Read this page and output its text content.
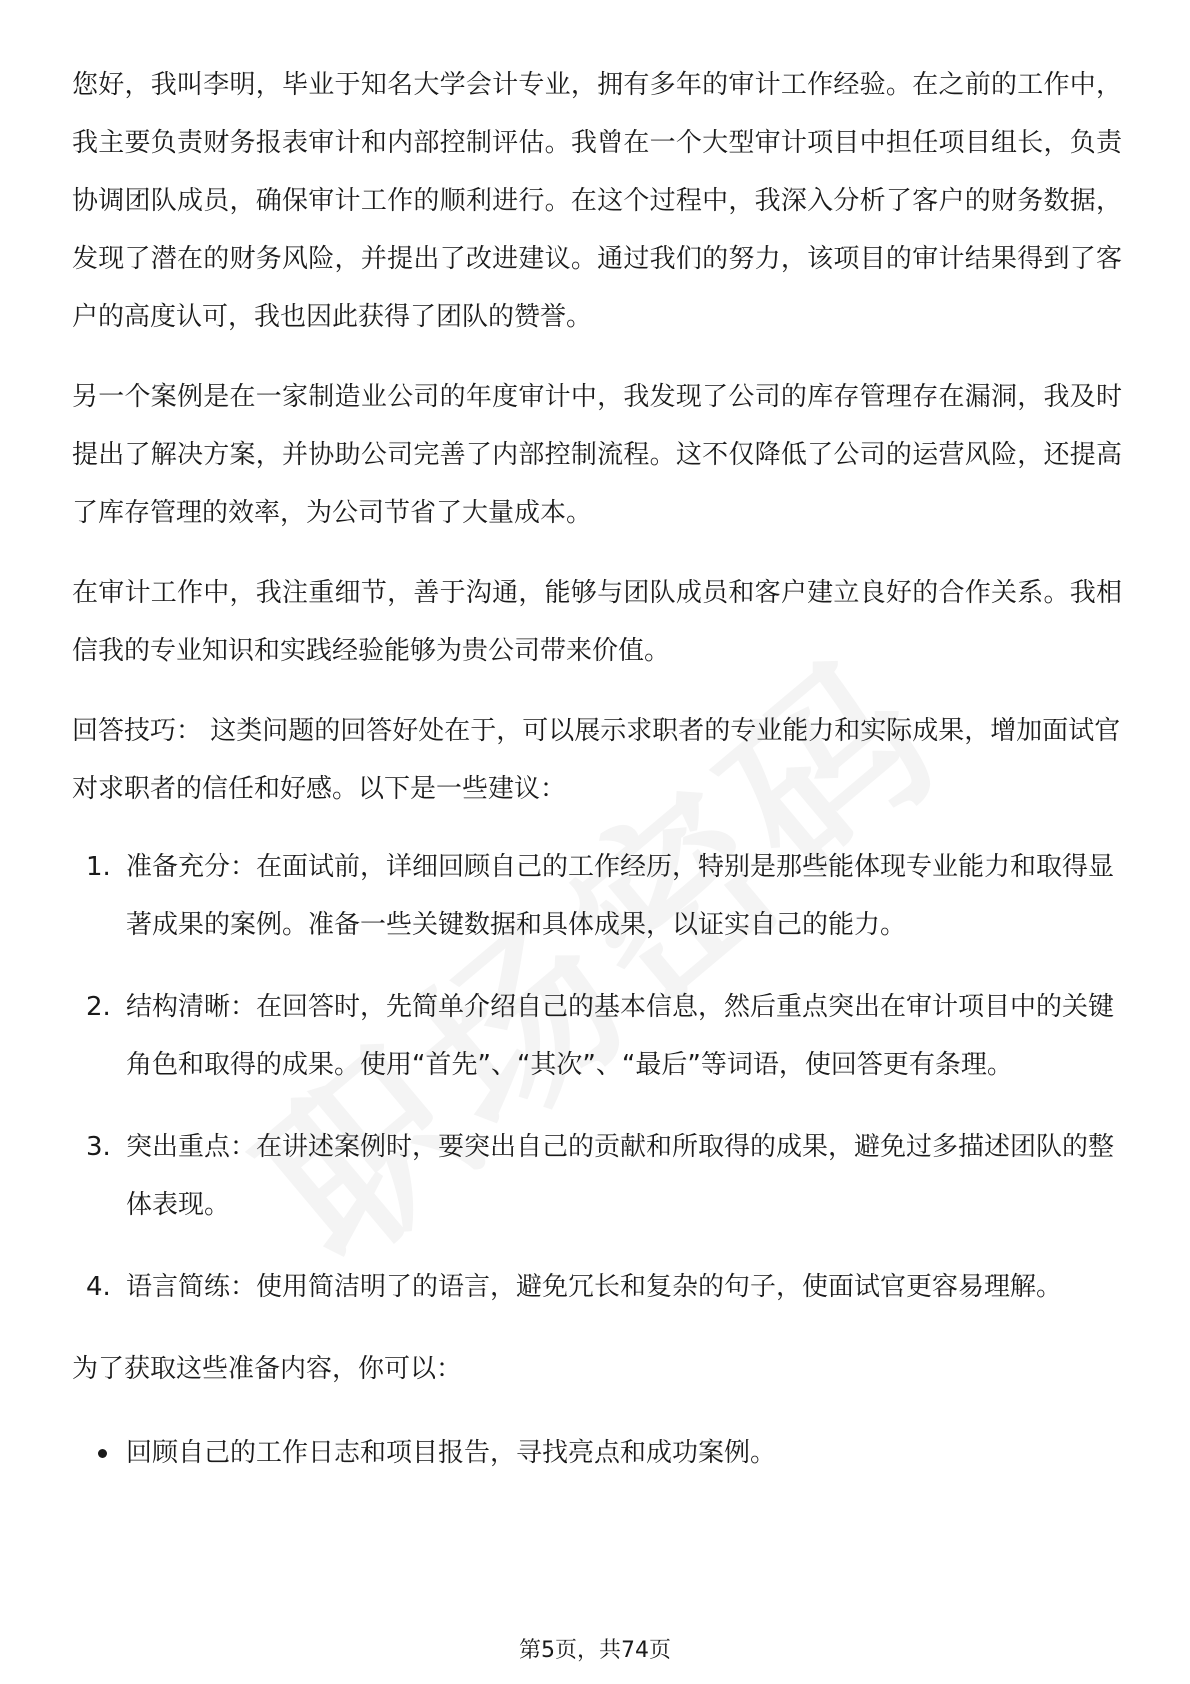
您好，我叫李明，毕业于知名大学会计专业，拥有多年的审计工作经验。在之前的工作中，我主要负责财务报表审计和内部控制评估。我曾在一个大型审计项目中担任项目组长，负责协调团队成员，确保审计工作的顺利进行。在这个过程中，我深入分析了客户的财务数据，发现了潜在的财务风险，并提出了改进建议。通过我们的努力，该项目的审计结果得到了客户的高度认可，我也因此获得了团队的赞誉。

另一个案例是在一家制造业公司的年度审计中，我发现了公司的库存管理存在漏洞，我及时提出了解决方案，并协助公司完善了内部控制流程。这不仅降低了公司的运营风险，还提高了库存管理的效率，为公司节省了大量成本。

在审计工作中，我注重细节，善于沟通，能够与团队成员和客户建立良好的合作关系。我相信我的专业知识和实践经验能够为贵公司带来价值。

回答技巧： 这类问题的回答好处在于，可以展示求职者的专业能力和实际成果，增加面试官对求职者的信任和好感。以下是一些建议：

1. 准备充分：在面试前，详细回顾自己的工作经历，特别是那些能体现专业能力和取得显著成果的案例。准备一些关键数据和具体成果，以证实自己的能力。
2. 结构清晰：在回答时，先简单介绍自己的基本信息，然后重点突出在审计项目中的关键角色和取得的成果。使用“首先”、“其次”、“最后”等词语，使回答更有条理。
3. 突出重点：在讲述案例时，要突出自己的贡献和所取得的成果，避免过多描述团队的整体表现。
4. 语言简练：使用简洁明了的语言，避免冗长和复杂的句子，使面试官更容易理解。

为了获取这些准备内容，你可以：

回顾自己的工作日志和项目报告，寻找亮点和成功案例。
第5页，共74页
